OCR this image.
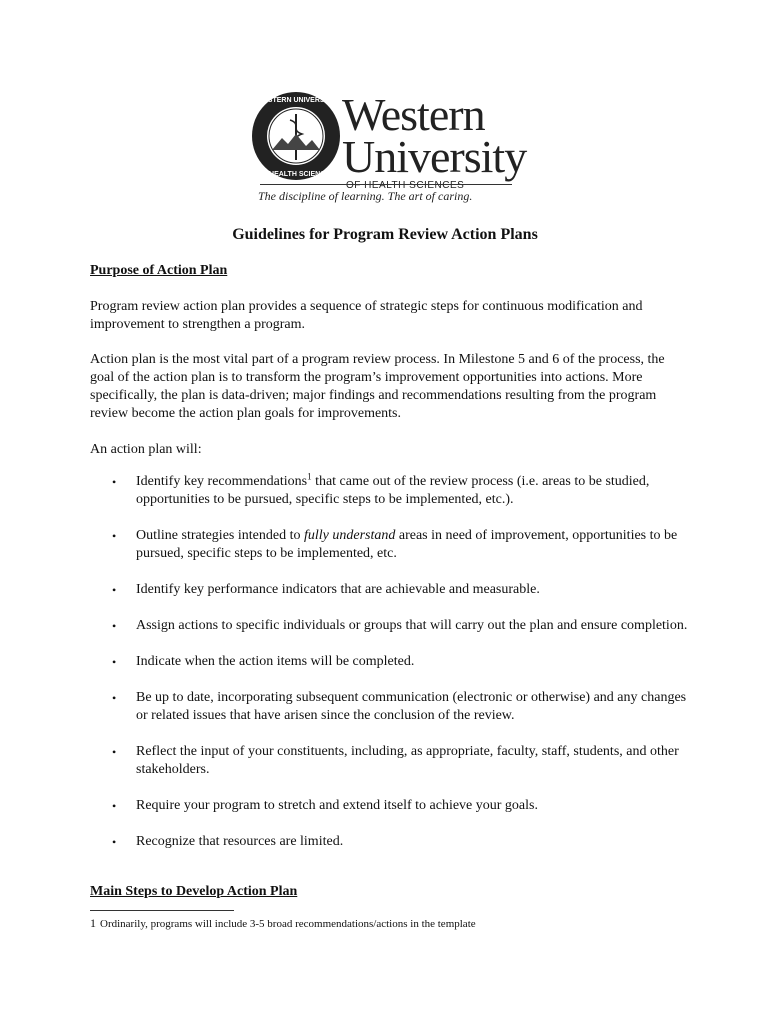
WESTERN UNIVERSITY
OF HEALTH SCIENCES
Western
University
OF HEALTH SCIENCES
The discipline of learning. The art of caring.
Guidelines for Program Review Action Plans
Purpose of Action Plan

Program review action plan provides a sequence of strategic steps for continuous modification and improvement to strengthen a program.

Action plan is the most vital part of a program review process. In Milestone 5 and 6 of the process, the goal of the action plan is to transform the program’s improvement opportunities into actions. More specifically, the plan is data-driven; major findings and recommendations resulting from the program review become the action plan goals for improvements.

An action plan will:

• Identify key recommendations$^1$ that came out of the review process (i.e. areas to be studied, opportunities to be pursued, specific steps to be implemented, etc.).
• Outline strategies intended to fully understand areas in need of improvement, opportunities to be pursued, specific steps to be implemented, etc.
• Identify key performance indicators that are achievable and measurable.
• Assign actions to specific individuals or groups that will carry out the plan and ensure completion.
• Indicate when the action items will be completed.
• Be up to date, incorporating subsequent communication (electronic or otherwise) and any changes or related issues that have arisen since the conclusion of the review.
• Reflect the input of your constituents, including, as appropriate, faculty, staff, students, and other stakeholders.
• Require your program to stretch and extend itself to achieve your goals.
• Recognize that resources are limited.
Main Steps to Develop Action Plan
1 Ordinarily, programs will include 3-5 broad recommendations/actions in the template
